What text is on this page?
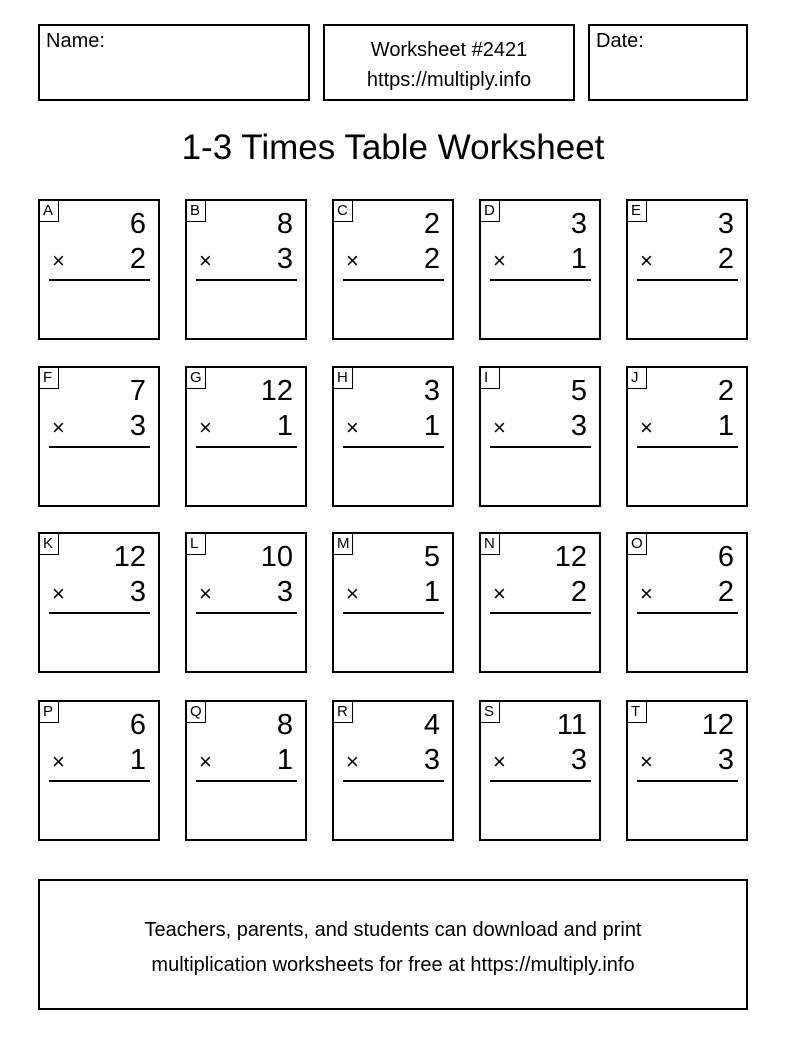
Name:	Worksheet #2421
https://multiply.info
Date:
1-3 Times Table Worksheet
A	6
× 2
B	8
× 3
C	2
× 2
D	3
× 1
E	3
× 2
F	7
× 3
G 12
× 1
H	3
× 1
I	5
× 3
J	2
× 1
K 12
× 3
L 10
× 3
M	5
× 1
N 12
× 2
O	6
× 2
P	6
× 1
Q	8
× 1
R	4
× 3
S 11
× 3
T 12
× 3
Teachers, parents, and students can download and print
multiplication worksheets for free at https://multiply.info
